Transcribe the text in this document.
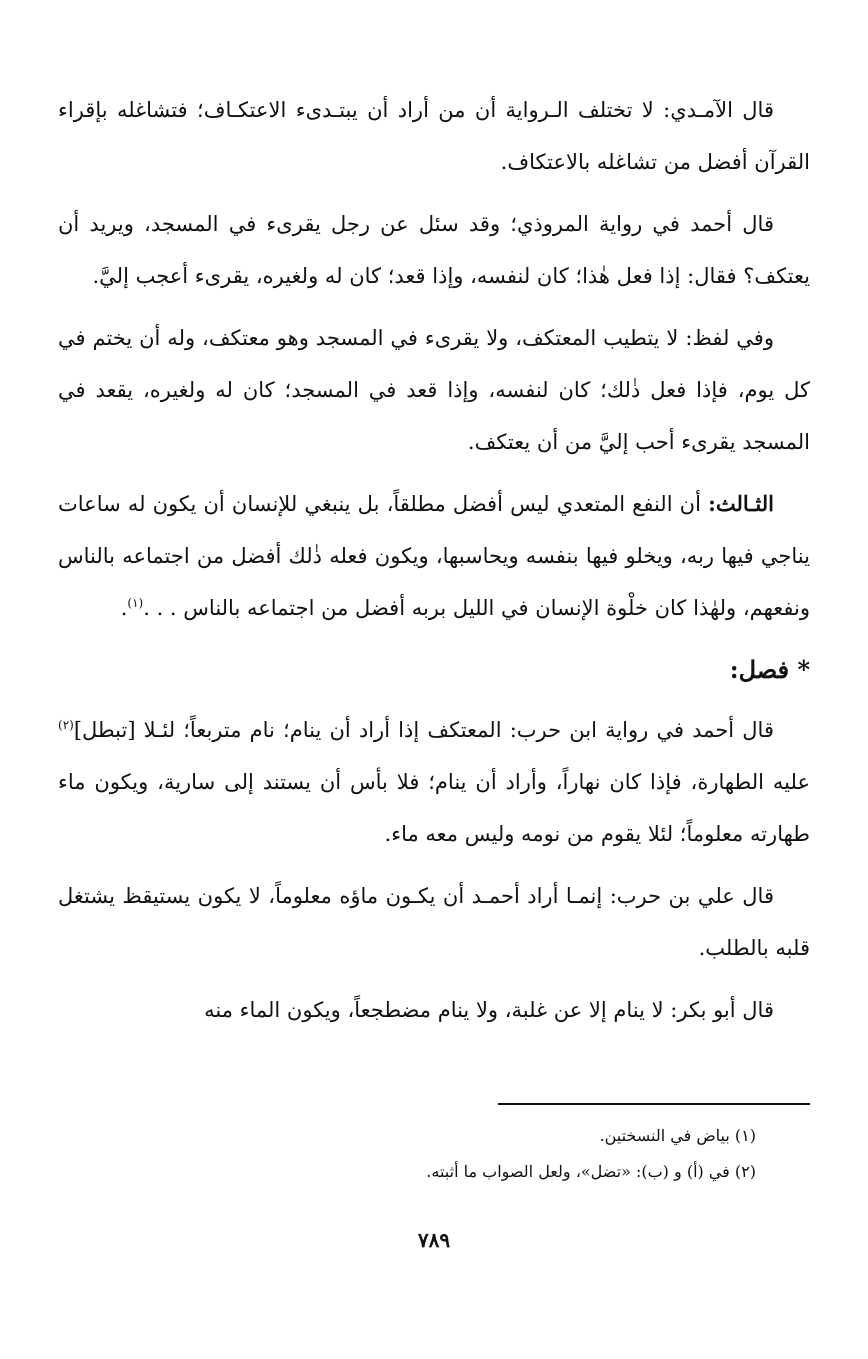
قال الآمـدي: لا تختلف الـرواية أن من أراد أن يبتـدىء الاعتكـاف؛ فتشاغله بإقراء القرآن أفضل من تشاغله بالاعتكاف.

قال أحمد في رواية المروذي؛ وقد سئل عن رجل يقرىء في المسجد، ويريد أن يعتكف؟ فقال: إذا فعل هٰذا؛ كان لنفسه، وإذا قعد؛ كان له ولغيره، يقرىء أعجب إليَّ.

وفي لفظ: لا يتطيب المعتكف، ولا يقرىء في المسجد وهو معتكف، وله أن يختم في كل يوم، فإذا فعل ذٰلك؛ كان لنفسه، وإذا قعد في المسجد؛ كان له ولغيره، يقعد في المسجد يقرىء أحب إليَّ من أن يعتكف.

الثـالث: أن النفع المتعدي ليس أفضل مطلقاً، بل ينبغي للإنسان أن يكون له ساعات يناجي فيها ربه، ويخلو فيها بنفسه ويحاسبها، ويكون فعله ذٰلك أفضل من اجتماعه بالناس ونفعهم، ولهٰذا كان خلْوة الإنسان في الليل بربه أفضل من اجتماعه بالناس . . .$^{(١)}$.

* فصل:

قال أحمد في رواية ابن حرب: المعتكف إذا أراد أن ينام؛ نام متربعاً؛ لئـلا [تبطل]$^{(٢)}$ عليه الطهارة، فإذا كان نهاراً، وأراد أن ينام؛ فلا بأس أن يستند إلى سارية، ويكون ماء طهارته معلوماً؛ لئلا يقوم من نومه وليس معه ماء.

قال علي بن حرب: إنمـا أراد أحمـد أن يكـون ماؤه معلوماً، لا يكون يستيقظ يشتغل قلبه بالطلب.

قال أبو بكر: لا ينام إلا عن غلبة، ولا ينام مضطجعاً، ويكون الماء منه

(١) بياض في النسختين.

(٢) في (أ) و (ب): «تضل»، ولعل الصواب ما أثبته.

٧٨٩
